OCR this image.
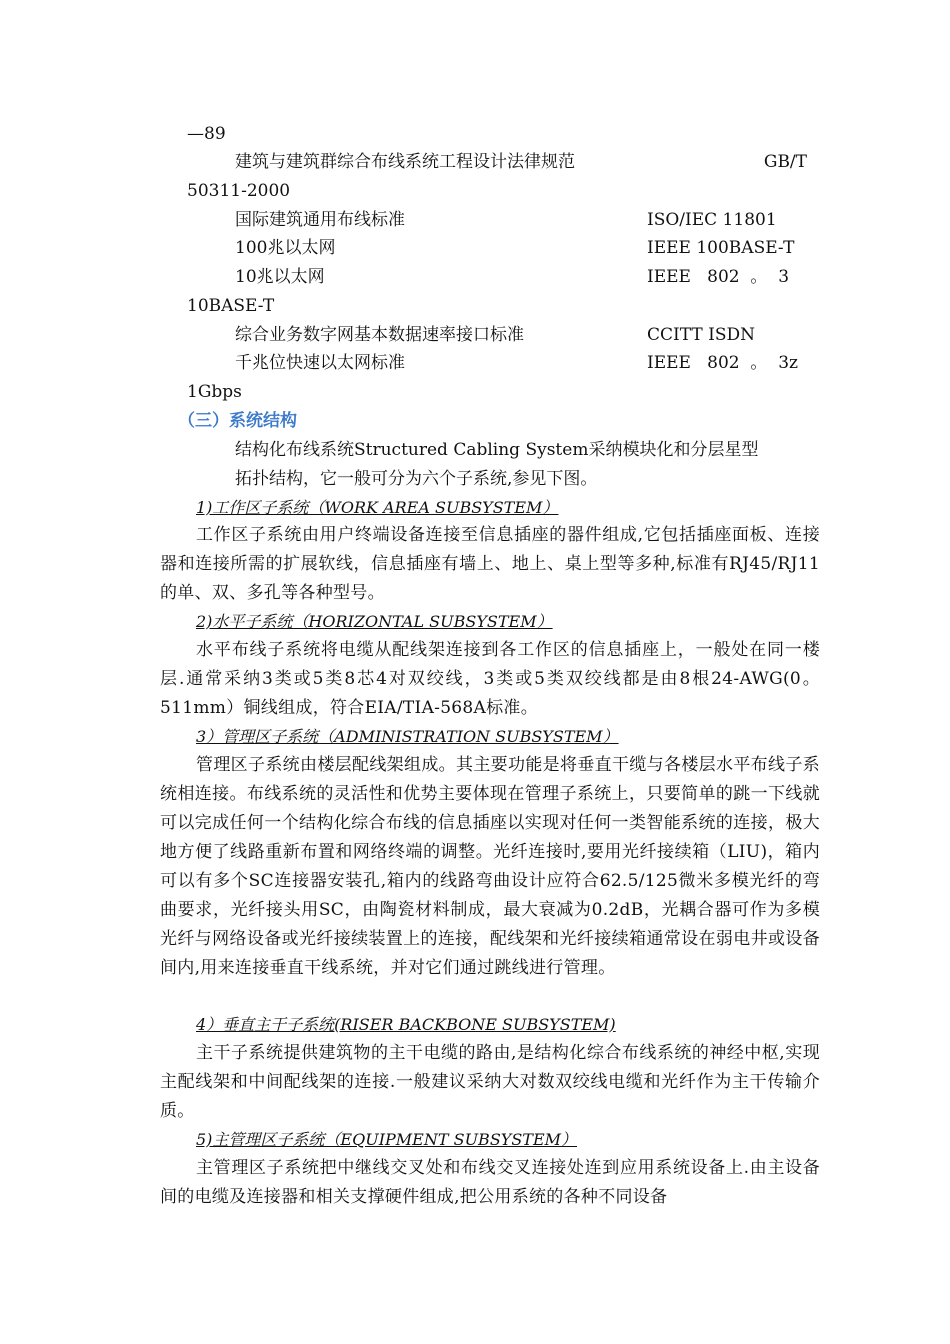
—89
建筑与建筑群综合布线系统工程设计法律规范	GB/T
50311-2000
国际建筑通用布线标准	ISO/IEC 11801
100兆以太网	IEEE 100BASE-T
10兆以太网	IEEE   802  。  3
10BASE-T
综合业务数字网基本数据速率接口标准	CCITT ISDN
千兆位快速以太网标准	IEEE   802  。  3z
1Gbps
（三）系统结构
结构化布线系统Structured Cabling System采纳模块化和分层星型
拓扑结构，它一般可分为六个子系统,参见下图。
1)工作区子系统（WORK AREA SUBSYSTEM）
工作区子系统由用户终端设备连接至信息插座的器件组成,它包括插座面板、连接器和连接所需的扩展软线，信息插座有墙上、地上、桌上型等多种,标准有RJ45/RJ11的单、双、多孔等各种型号。
2)水平子系统（HORIZONTAL SUBSYSTEM）
水平布线子系统将电缆从配线架连接到各工作区的信息插座上，一般处在同一楼层.通常采纳3类或5类8芯4对双绞线，3类或5类双绞线都是由8根24-AWG(0。511mm）铜线组成，符合EIA/TIA-568A标准。
3）管理区子系统（ADMINISTRATION SUBSYSTEM）
管理区子系统由楼层配线架组成。其主要功能是将垂直干缆与各楼层水平布线子系统相连接。布线系统的灵活性和优势主要体现在管理子系统上，只要简单的跳一下线就可以完成任何一个结构化综合布线的信息插座以实现对任何一类智能系统的连接，极大地方便了线路重新布置和网络终端的调整。光纤连接时,要用光纤接续箱（LIU)，箱内可以有多个SC连接器安装孔,箱内的线路弯曲设计应符合62.5/125微米多模光纤的弯曲要求，光纤接头用SC，由陶瓷材料制成，最大衰减为0.2dB，光耦合器可作为多模光纤与网络设备或光纤接续装置上的连接，配线架和光纤接续箱通常设在弱电井或设备间内,用来连接垂直干线系统，并对它们通过跳线进行管理。
4）垂直主干子系统(RISER BACKBONE SUBSYSTEM)
主干子系统提供建筑物的主干电缆的路由,是结构化综合布线系统的神经中枢,实现主配线架和中间配线架的连接.一般建议采纳大对数双绞线电缆和光纤作为主干传输介质。
5)主管理区子系统（EQUIPMENT SUBSYSTEM）
主管理区子系统把中继线交叉处和布线交叉连接处连到应用系统设备上.由主设备间的电缆及连接器和相关支撑硬件组成,把公用系统的各种不同设备
